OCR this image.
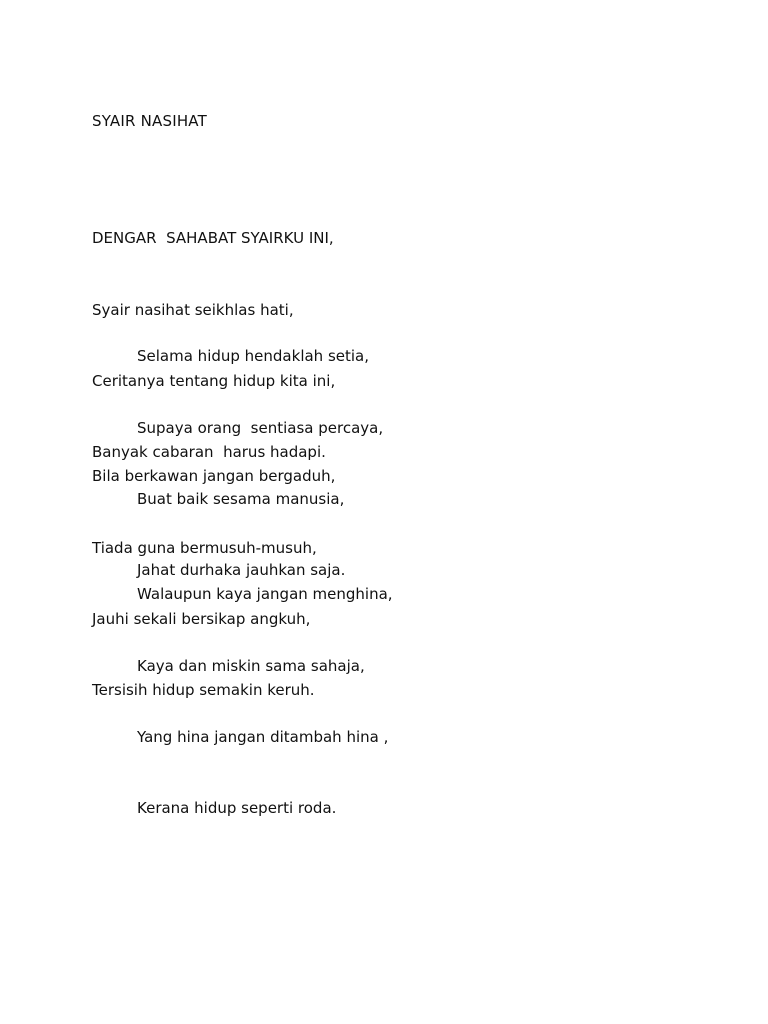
SYAIR NASIHAT

DENGAR  SAHABAT SYAIRKU INI,

Syair nasihat seikhlas hati,

Ceritanya tentang hidup kita ini,

Banyak cabaran  harus hadapi.

Selama hidup hendaklah setia,

Supaya orang  sentiasa percaya,

Buat baik sesama manusia,

Jahat durhaka jauhkan saja.

Bila berkawan jangan bergaduh,

Tiada guna bermusuh-musuh,

Jauhi sekali bersikap angkuh,

Tersisih hidup semakin keruh.

Walaupun kaya jangan menghina,

Kaya dan miskin sama sahaja,

Yang hina jangan ditambah hina ,

Kerana hidup seperti roda.
